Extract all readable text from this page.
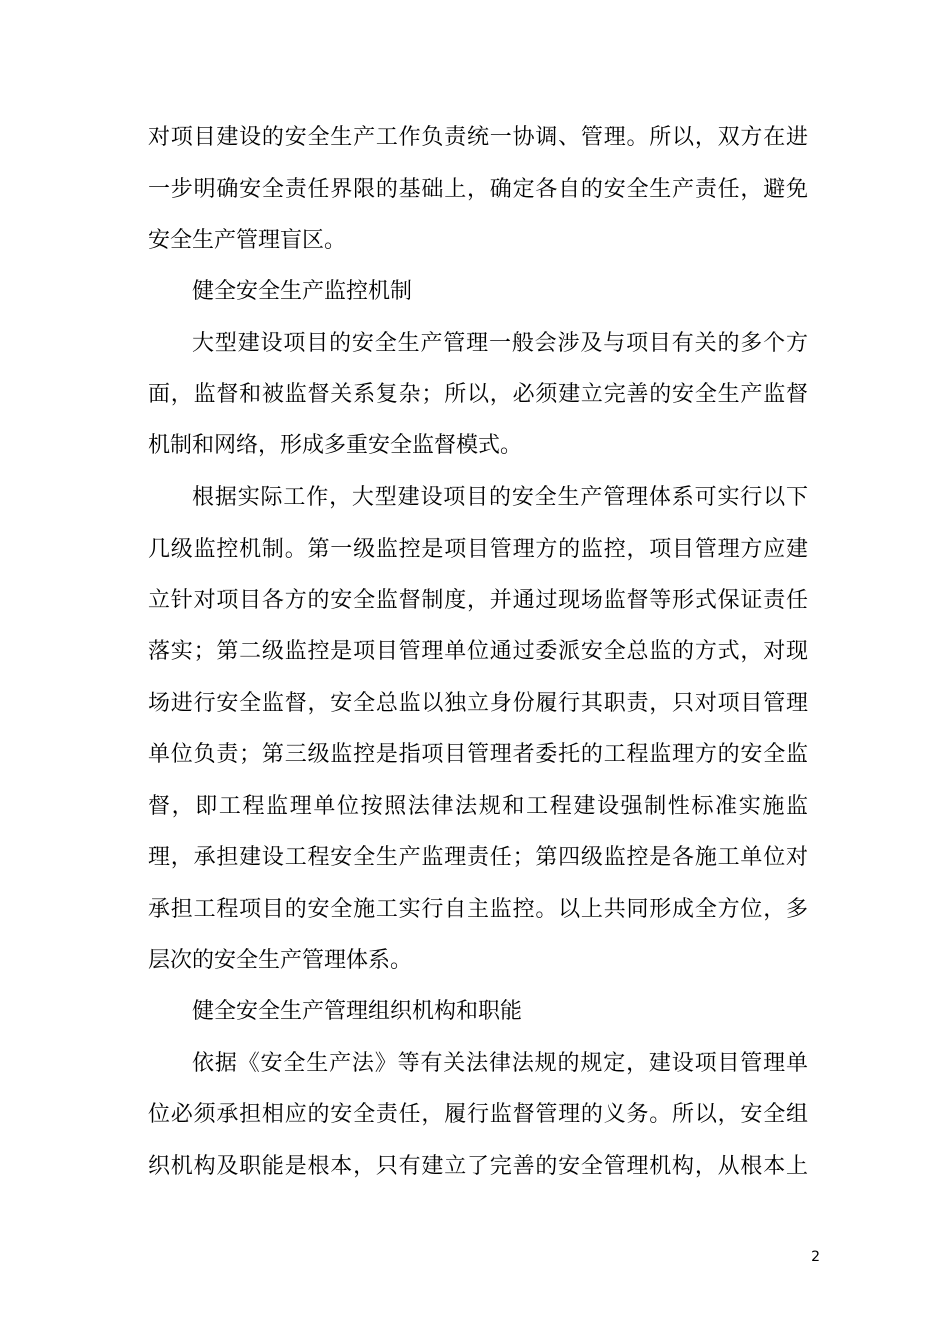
对项目建设的安全生产工作负责统一协调、管理。所以，双方在进
一步明确安全责任界限的基础上，确定各自的安全生产责任，避免
安全生产管理盲区。
健全安全生产监控机制
大型建设项目的安全生产管理一般会涉及与项目有关的多个方
面，监督和被监督关系复杂；所以，必须建立完善的安全生产监督
机制和网络，形成多重安全监督模式。
根据实际工作，大型建设项目的安全生产管理体系可实行以下
几级监控机制。第一级监控是项目管理方的监控，项目管理方应建
立针对项目各方的安全监督制度，并通过现场监督等形式保证责任
落实；第二级监控是项目管理单位通过委派安全总监的方式，对现
场进行安全监督，安全总监以独立身份履行其职责，只对项目管理
单位负责；第三级监控是指项目管理者委托的工程监理方的安全监
督，即工程监理单位按照法律法规和工程建设强制性标准实施监
理，承担建设工程安全生产监理责任；第四级监控是各施工单位对
承担工程项目的安全施工实行自主监控。以上共同形成全方位，多
层次的安全生产管理体系。
健全安全生产管理组织机构和职能
依据《安全生产法》等有关法律法规的规定，建设项目管理单
位必须承担相应的安全责任，履行监督管理的义务。所以，安全组
织机构及职能是根本，只有建立了完善的安全管理机构，从根本上
2
